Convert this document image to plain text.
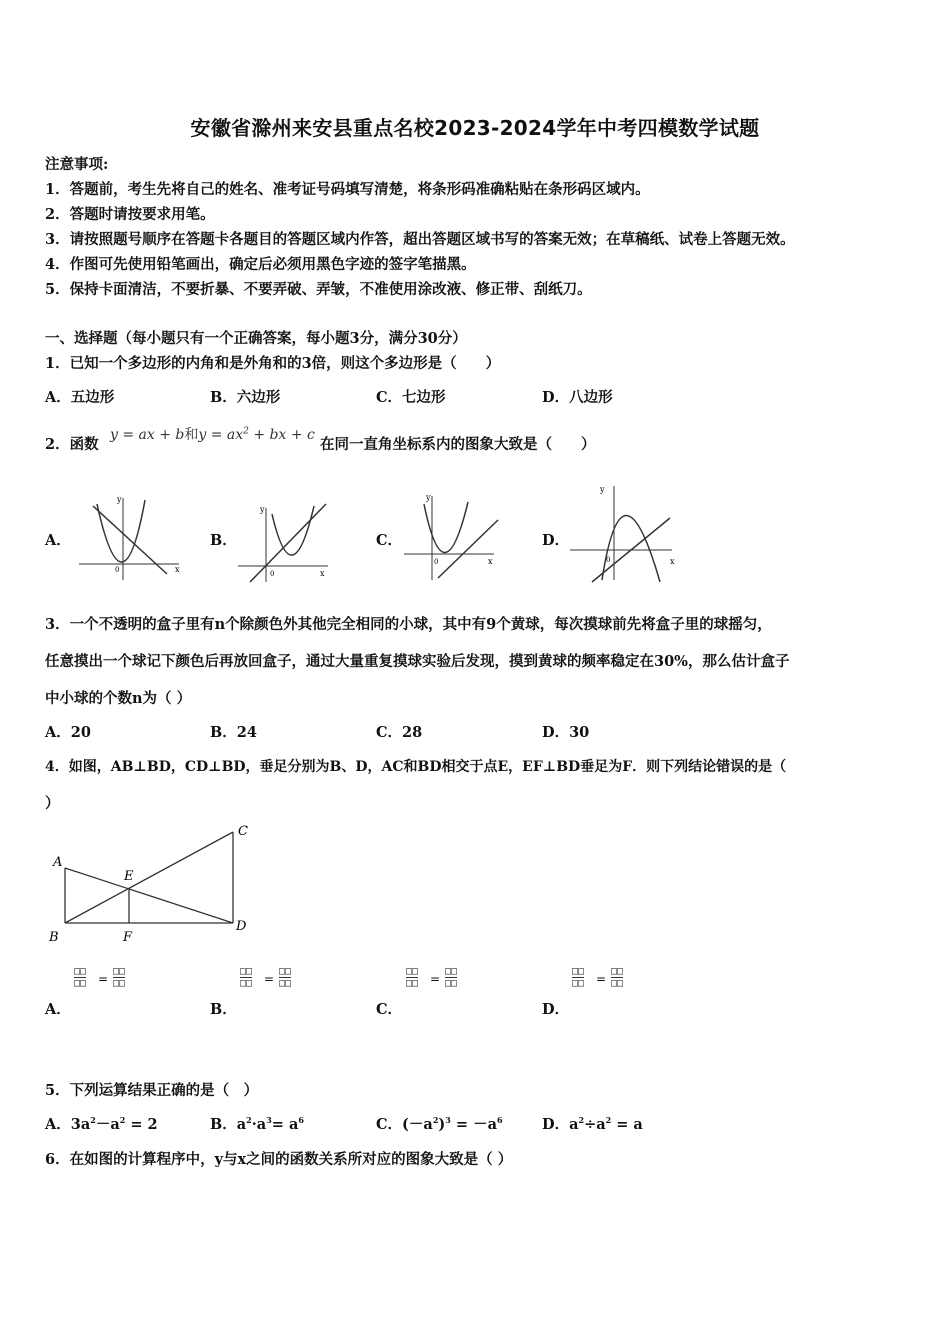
安徽省滁州来安县重点名校2023-2024学年中考四模数学试题
注意事项:
1．答题前，考生先将自己的姓名、准考证号码填写清楚，将条形码准确粘贴在条形码区域内。
2．答题时请按要求用笔。
3．请按照题号顺序在答题卡各题目的答题区域内作答，超出答题区域书写的答案无效；在草稿纸、试卷上答题无效。
4．作图可先使用铅笔画出，确定后必须用黑色字迹的签字笔描黑。
5．保持卡面清洁，不要折暴、不要弄破、弄皱，不准使用涂改液、修正带、刮纸刀。
一、选择题（每小题只有一个正确答案，每小题3分，满分30分）
1．已知一个多边形的内角和是外角和的3倍，则这个多边形是（　　）
A．五边形	B．六边形	C．七边形	D．八边形
2．函数
y = ax + b和$y = ax^2$ + bx + c
在同一直角坐标系内的图象大致是（　　）
A．	B．	C．	D．
x
y
0	x
y
0
x
y
0	x
y
0
3．一个不透明的盒子里有n个除颜色外其他完全相同的小球，其中有9个黄球，每次摸球前先将盒子里的球摇匀，
任意摸出一个球记下颜色后再放回盒子，通过大量重复摸球实验后发现，摸到黄球的频率稳定在30%，那么估计盒子
中小球的个数n为（ ）
A．20	B．24	C．28	D．30
4．如图，AB⊥BD，CD⊥BD，垂足分别为B、D，AC和BD相交于点E，EF⊥BD垂足为F．则下列结论错误的是（
）
A
B
C
D
E
F
□□
□□ =
□□
□□
□□
□□ =
□□
□□
□□
□□ =
□□
□□
□□
□□ =
□□
□□
A．	B．	C．	D．
5．下列运算结果正确的是（　）
A．$3a^2-a^2 = 2$	B．$a^2\cdot a^3= a^6$	C．$(-a^2)^3 = -a^6$	D．$a^2\div a^2 = a$
6．在如图的计算程序中，y与x之间的函数关系所对应的图象大致是（ ）
